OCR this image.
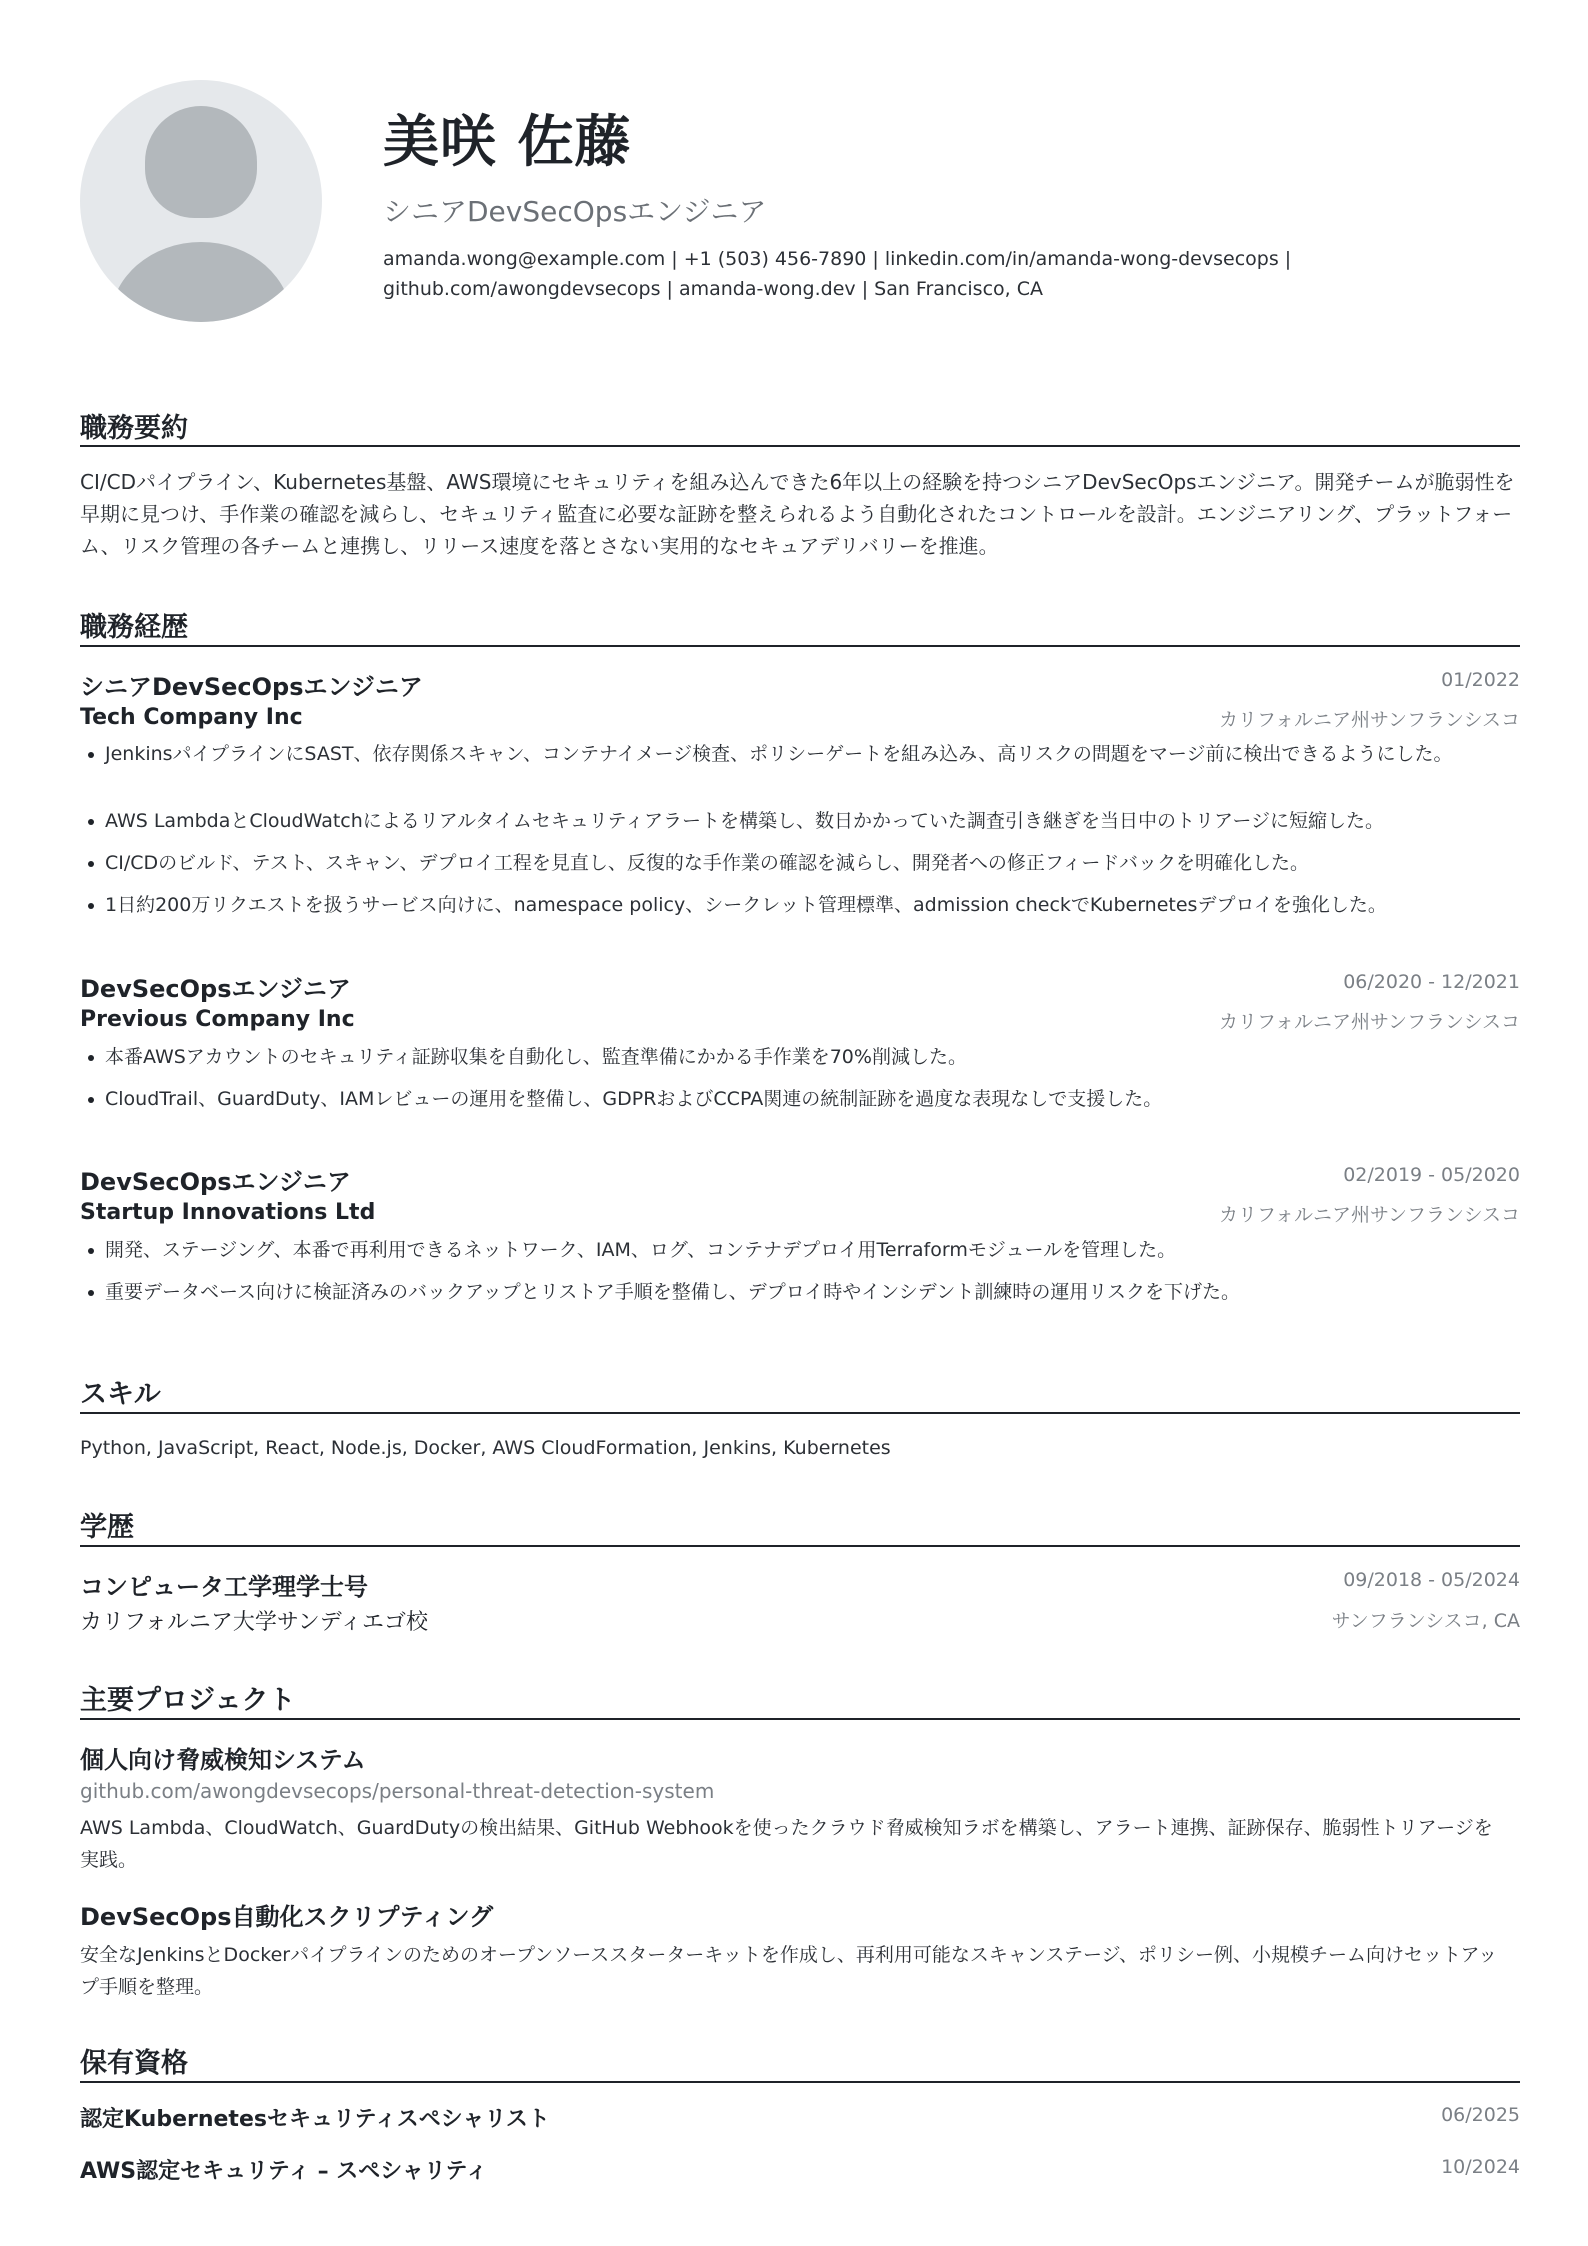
美咲 佐藤
シニアDevSecOpsエンジニア
amanda.wong@example.com | +1 (503) 456-7890 | linkedin.com/in/amanda-wong-devsecops |
github.com/awongdevsecops | amanda-wong.dev | San Francisco, CA
職務要約
CI/CDパイプライン、Kubernetes基盤、AWS環境にセキュリティを組み込んできた6年以上の経験を持つシニアDevSecOpsエンジニア。開発チームが脆弱性を早期に見つけ、手作業の確認を減らし、セキュリティ監査に必要な証跡を整えられるよう自動化されたコントロールを設計。エンジニアリング、プラットフォーム、リスク管理の各チームと連携し、リリース速度を落とさない実用的なセキュアデリバリーを推進。
職務経歴
シニアDevSecOpsエンジニア	01/2022
Tech Company Inc	カリフォルニア州サンフランシスコ
JenkinsパイプラインにSAST、依存関係スキャン、コンテナイメージ検査、ポリシーゲートを組み込み、高リスクの問題をマージ前に検出できるようにした。
AWS LambdaとCloudWatchによるリアルタイムセキュリティアラートを構築し、数日かかっていた調査引き継ぎを当日中のトリアージに短縮した。
CI/CDのビルド、テスト、スキャン、デプロイ工程を見直し、反復的な手作業の確認を減らし、開発者への修正フィードバックを明確化した。
1日約200万リクエストを扱うサービス向けに、namespace policy、シークレット管理標準、admission checkでKubernetesデプロイを強化した。
DevSecOpsエンジニア	06/2020 - 12/2021
Previous Company Inc	カリフォルニア州サンフランシスコ
本番AWSアカウントのセキュリティ証跡収集を自動化し、監査準備にかかる手作業を70%削減した。
CloudTrail、GuardDuty、IAMレビューの運用を整備し、GDPRおよびCCPA関連の統制証跡を過度な表現なしで支援した。
DevSecOpsエンジニア	02/2019 - 05/2020
Startup Innovations Ltd	カリフォルニア州サンフランシスコ
開発、ステージング、本番で再利用できるネットワーク、IAM、ログ、コンテナデプロイ用Terraformモジュールを管理した。
重要データベース向けに検証済みのバックアップとリストア手順を整備し、デプロイ時やインシデント訓練時の運用リスクを下げた。
スキル
Python, JavaScript, React, Node.js, Docker, AWS CloudFormation, Jenkins, Kubernetes
学歴
コンピュータ工学理学士号	09/2018 - 05/2024
カリフォルニア大学サンディエゴ校	サンフランシスコ, CA
主要プロジェクト
個人向け脅威検知システム
github.com/awongdevsecops/personal-threat-detection-system
AWS Lambda、CloudWatch、GuardDutyの検出結果、GitHub Webhookを使ったクラウド脅威検知ラボを構築し、アラート連携、証跡保存、脆弱性トリアージを実践。
DevSecOps自動化スクリプティング
安全なJenkinsとDockerパイプラインのためのオープンソーススターターキットを作成し、再利用可能なスキャンステージ、ポリシー例、小規模チーム向けセットアップ手順を整理。
保有資格
認定Kubernetesセキュリティスペシャリスト	06/2025
AWS認定セキュリティ – スペシャリティ	10/2024
